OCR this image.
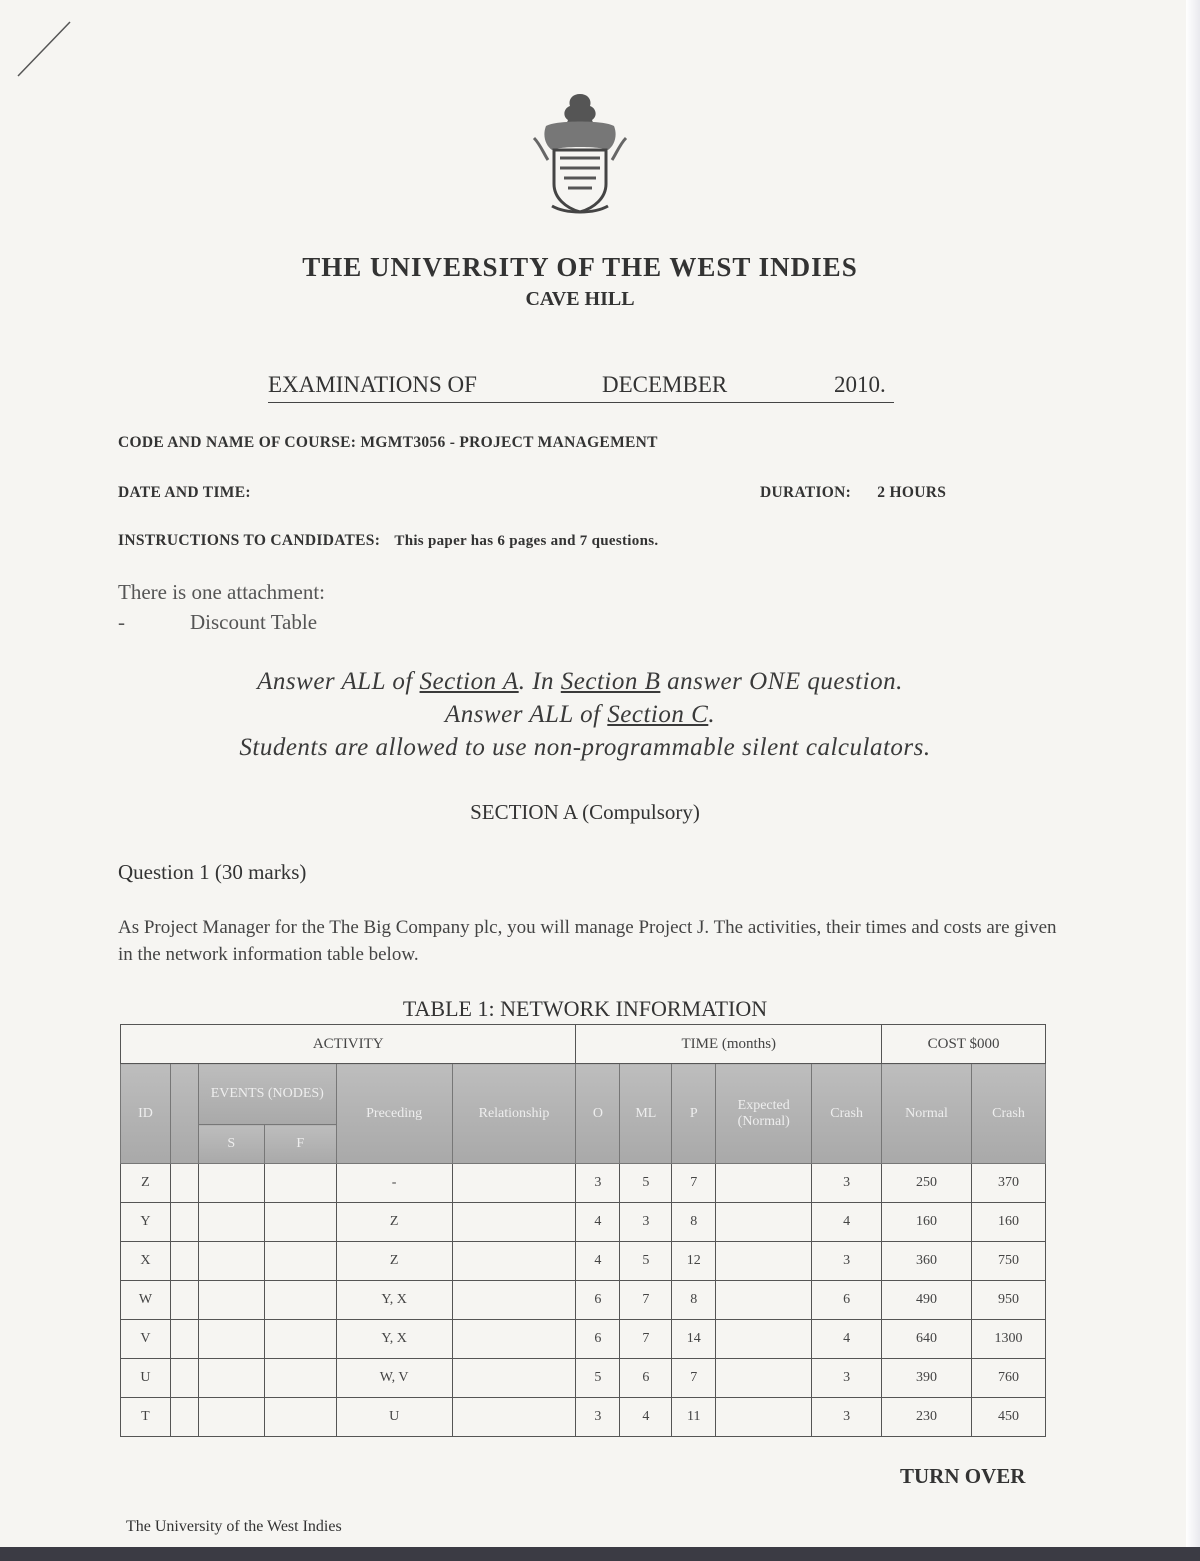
THE UNIVERSITY OF THE WEST INDIES
CAVE HILL
EXAMINATIONS OF	DECEMBER	2010.
CODE AND NAME OF COURSE: MGMT3056 - PROJECT MANAGEMENT
DATE AND TIME:	DURATION: 2 HOURS
INSTRUCTIONS TO CANDIDATES: This paper has 6 pages and 7 questions.
There is one attachment:
-	Discount Table
Answer ALL of Section A. In Section B answer ONE question.
Answer ALL of Section C.
Students are allowed to use non-programmable silent calculators.
SECTION A (Compulsory)
Question 1 (30 marks)
As Project Manager for the The Big Company plc, you will manage Project J. The activities, their times and costs are given in the network information table below.
TABLE 1: NETWORK INFORMATION
ACTIVITY						TIME (months)					COST $000	
ID		EVENTS (NODES)		Preceding	Relationship	O	ML	P	Expected (Normal)	Crash	Normal	Crash
		S	F									
Z				-		3	5	7		3	250	370
Y				Z		4	3	8		4	160	160
X				Z		4	5	12		3	360	750
W				Y, X		6	7	8		6	490	950
V				Y, X		6	7	14		4	640	1300
U				W, V		5	6	7		3	390	760
T				U		3	4	11		3	230	450
TURN OVER
The University of the West Indies
